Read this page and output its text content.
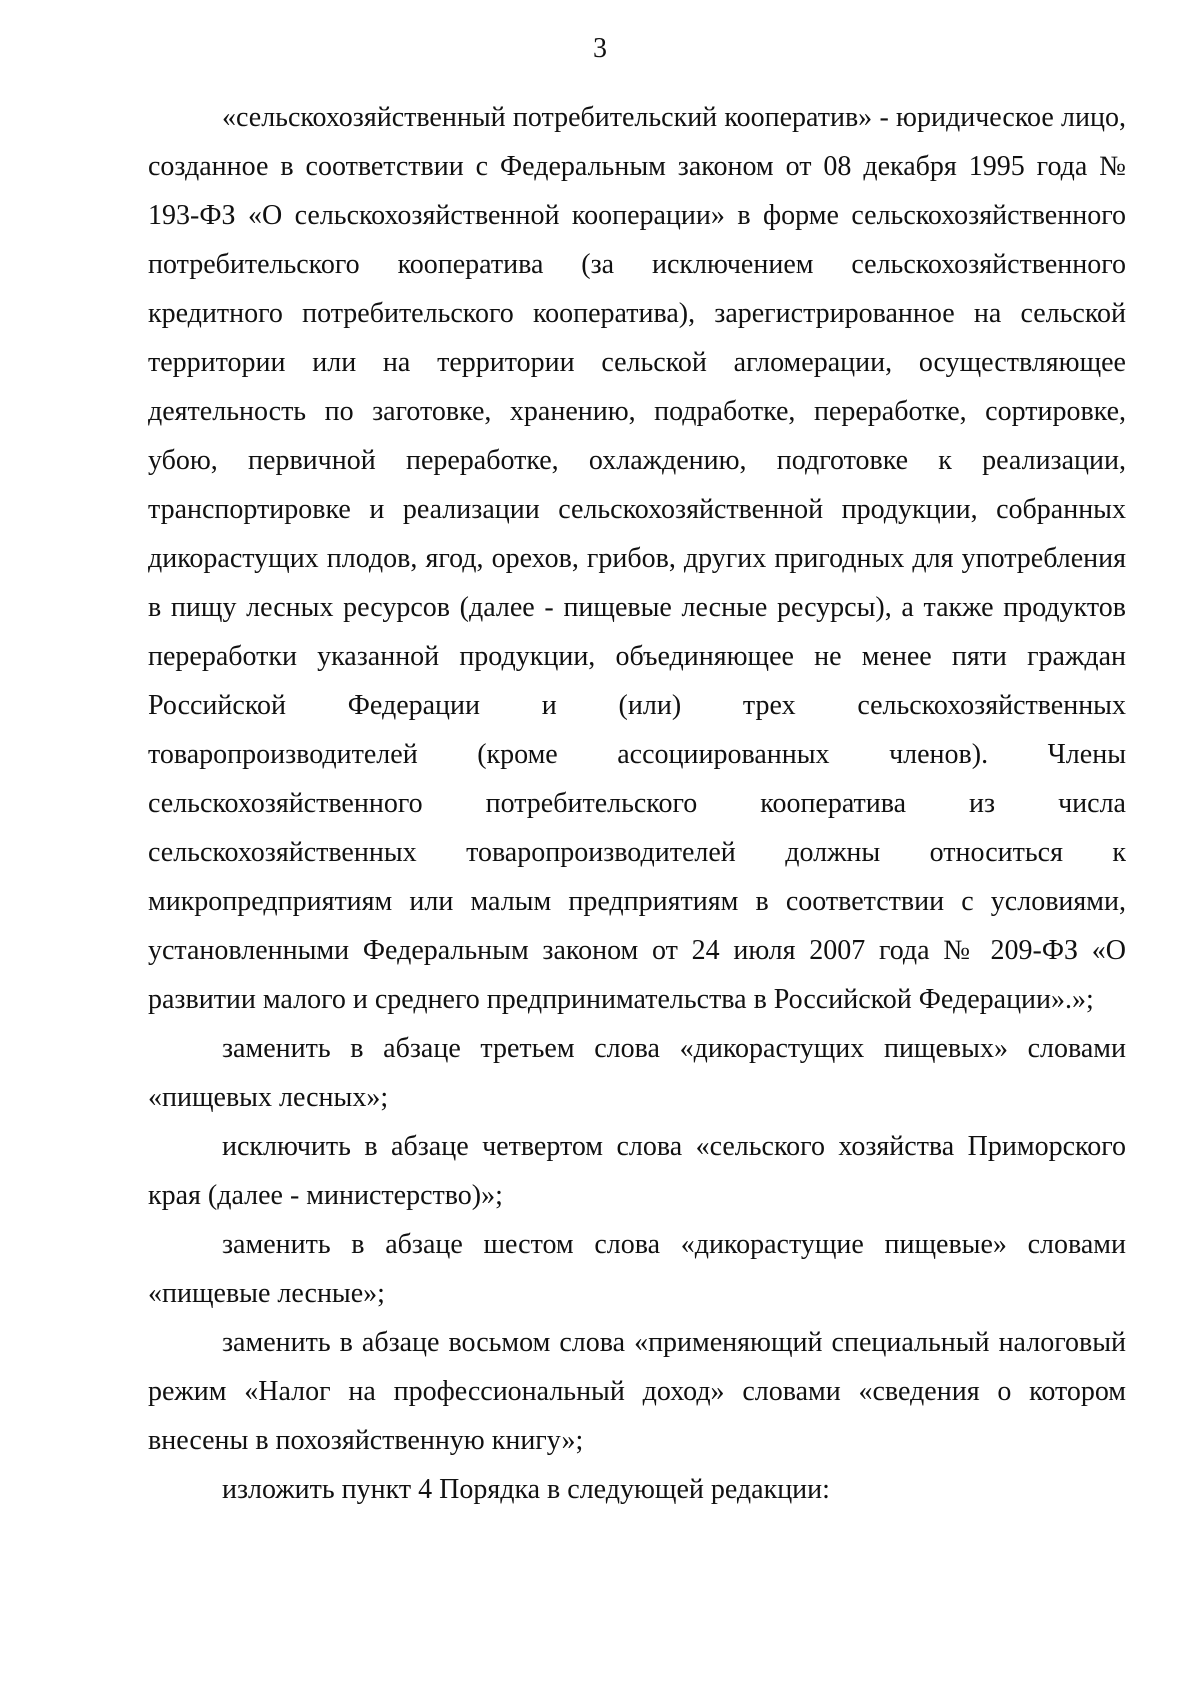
3

«сельскохозяйственный потребительский кооператив» - юридическое лицо, созданное в соответствии с Федеральным законом от 08 декабря 1995 года № 193-ФЗ «О сельскохозяйственной кооперации» в форме сельскохозяйственного потребительского кооператива (за исключением сельскохозяйственного кредитного потребительского кооператива), зарегистрированное на сельской территории или на территории сельской агломерации, осуществляющее деятельность по заготовке, хранению, подработке, переработке, сортировке, убою, первичной переработке, охлаждению, подготовке к реализации, транспортировке и реализации сельскохозяйственной продукции, собранных дикорастущих плодов, ягод, орехов, грибов, других пригодных для употребления в пищу лесных ресурсов (далее - пищевые лесные ресурсы), а также продуктов переработки указанной продукции, объединяющее не менее пяти граждан Российской Федерации и (или) трех сельскохозяйственных товаропроизводителей (кроме ассоциированных членов). Члены сельскохозяйственного потребительского кооператива из числа сельскохозяйственных товаропроизводителей должны относиться к микропредприятиям или малым предприятиям в соответствии с условиями, установленными Федеральным законом от 24 июля 2007 года № 209-ФЗ «О развитии малого и среднего предпринимательства в Российской Федерации».»;

заменить в абзаце третьем слова «дикорастущих пищевых» словами «пищевых лесных»;

исключить в абзаце четвертом слова «сельского хозяйства Приморского края (далее - министерство)»;

заменить в абзаце шестом слова «дикорастущие пищевые» словами «пищевые лесные»;

заменить в абзаце восьмом слова «применяющий специальный налоговый режим «Налог на профессиональный доход» словами «сведения о котором внесены в похозяйственную книгу»;

изложить пункт 4 Порядка в следующей редакции:
